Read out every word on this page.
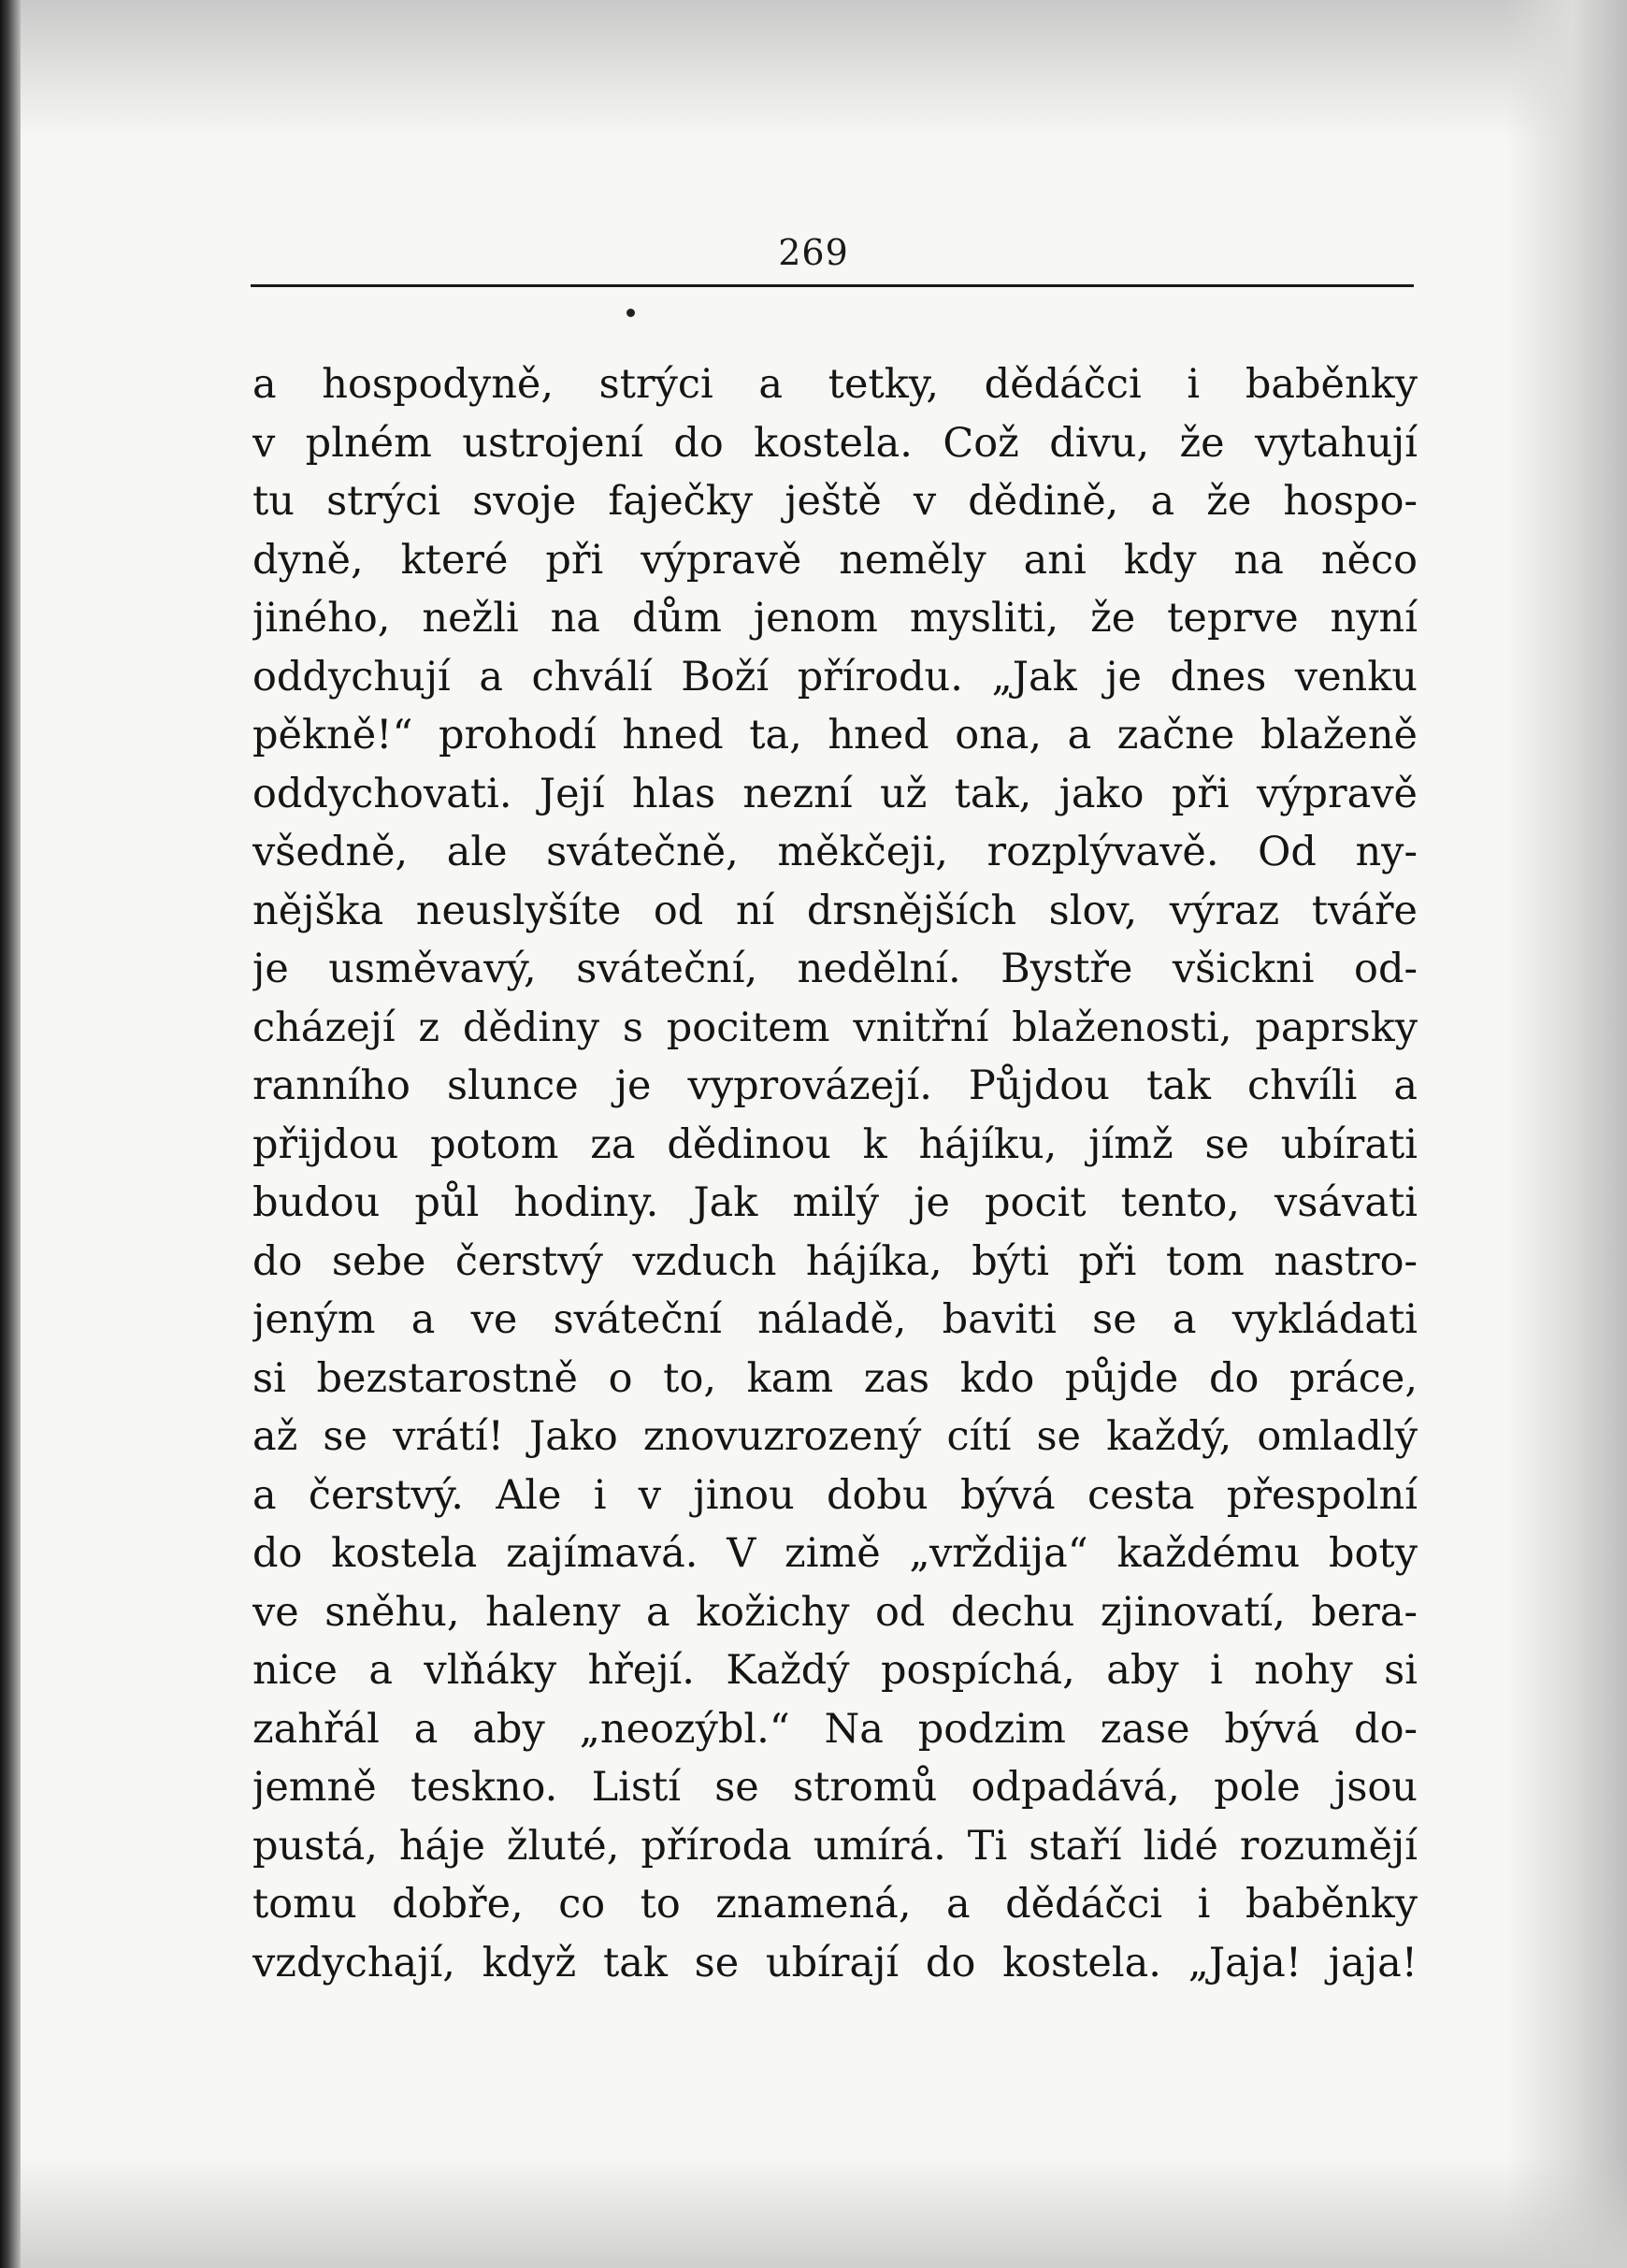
269
a hospodyně, strýci a tetky, dědáčci i baběnky
v plném ustrojení do kostela. Což divu, že vytahují
tu strýci svoje faječky ještě v dědině, a že hospo-
dyně, které při výpravě neměly ani kdy na něco
jiného, nežli na dům jenom mysliti, že teprve nyní
oddychují a chválí Boží přírodu. „Jak je dnes venku
pěkně!“ prohodí hned ta, hned ona, a začne blaženě
oddychovati. Její hlas nezní už tak, jako při výpravě
všedně, ale svátečně, měkčeji, rozplývavě. Od ny-
nějška neuslyšíte od ní drsnějších slov, výraz tváře
je usměvavý, sváteční, nedělní. Bystře všickni od-
cházejí z dědiny s pocitem vnitřní blaženosti, paprsky
ranního slunce je vyprovázejí. Půjdou tak chvíli a
přijdou potom za dědinou k hájíku, jímž se ubírati
budou půl hodiny. Jak milý je pocit tento, vsávati
do sebe čerstvý vzduch hájíka, býti při tom nastro-
jeným a ve sváteční náladě, baviti se a vykládati
si bezstarostně o to, kam zas kdo půjde do práce,
až se vrátí! Jako znovuzrozený cítí se každý, omladlý
a čerstvý. Ale i v jinou dobu bývá cesta přespolní
do kostela zajímavá. V zimě „vrždija“ každému boty
ve sněhu, haleny a kožichy od dechu zjinovatí, bera-
nice a vlňáky hřejí. Každý pospíchá, aby i nohy si
zahřál a aby „neozýbl.“ Na podzim zase bývá do-
jemně teskno. Listí se stromů odpadává, pole jsou
pustá, háje žluté, příroda umírá. Ti staří lidé rozumějí
tomu dobře, co to znamená, a dědáčci i baběnky
vzdychají, když tak se ubírají do kostela. „Jaja! jaja!
